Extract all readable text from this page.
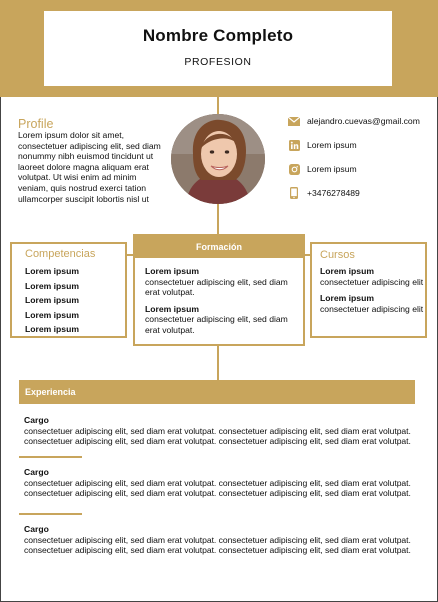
Nombre Completo
PROFESION
Profile
Lorem ipsum dolor sit amet, consectetuer adipiscing elit, sed diam nonummy nibh euismod tincidunt ut laoreet dolore magna aliquam erat volutpat. Ut wisi enim ad minim veniam, quis nostrud exerci tation ullamcorper suscipit lobortis nisl ut
alejandro.cuevas@gmail.com
Lorem ipsum
Lorem ipsum
+3476278489
Competencias
Lorem ipsum
Lorem ipsum
Lorem ipsum
Lorem ipsum
Lorem ipsum
Formación
Lorem ipsum
consectetuer adipiscing elit, sed diam erat volutpat.
Lorem ipsum
consectetuer adipiscing elit, sed diam erat volutpat.
Cursos
Lorem ipsum
consectetuer adipiscing elit
Lorem ipsum
consectetuer adipiscing elit
Experiencia
Cargo
consectetuer adipiscing elit, sed diam erat volutpat. consectetuer adipiscing elit, sed diam erat volutpat.
consectetuer adipiscing elit, sed diam erat volutpat. consectetuer adipiscing elit, sed diam erat volutpat.
Cargo
consectetuer adipiscing elit, sed diam erat volutpat. consectetuer adipiscing elit, sed diam erat volutpat.
consectetuer adipiscing elit, sed diam erat volutpat. consectetuer adipiscing elit, sed diam erat volutpat.
Cargo
consectetuer adipiscing elit, sed diam erat volutpat. consectetuer adipiscing elit, sed diam erat volutpat.
consectetuer adipiscing elit, sed diam erat volutpat. consectetuer adipiscing elit, sed diam erat volutpat.
